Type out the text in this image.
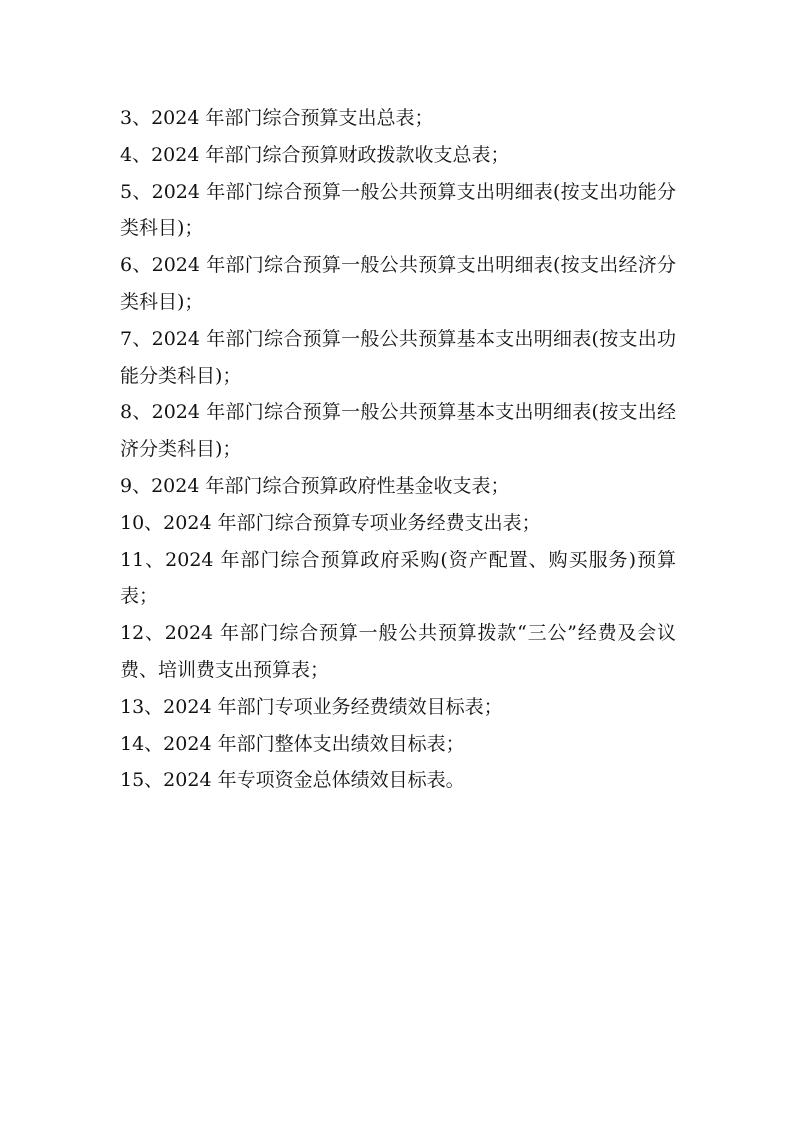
3、2024 年部门综合预算支出总表；

4、2024 年部门综合预算财政拨款收支总表；

5、2024 年部门综合预算一般公共预算支出明细表(按支出功能分类科目)；

6、2024 年部门综合预算一般公共预算支出明细表(按支出经济分类科目)；

7、2024 年部门综合预算一般公共预算基本支出明细表(按支出功能分类科目)；

8、2024 年部门综合预算一般公共预算基本支出明细表(按支出经济分类科目)；

9、2024 年部门综合预算政府性基金收支表；

10、2024 年部门综合预算专项业务经费支出表；

11、2024 年部门综合预算政府采购(资产配置、购买服务)预算表；

12、2024 年部门综合预算一般公共预算拨款“三公”经费及会议费、培训费支出预算表；

13、2024 年部门专项业务经费绩效目标表；

14、2024 年部门整体支出绩效目标表；

15、2024 年专项资金总体绩效目标表。
